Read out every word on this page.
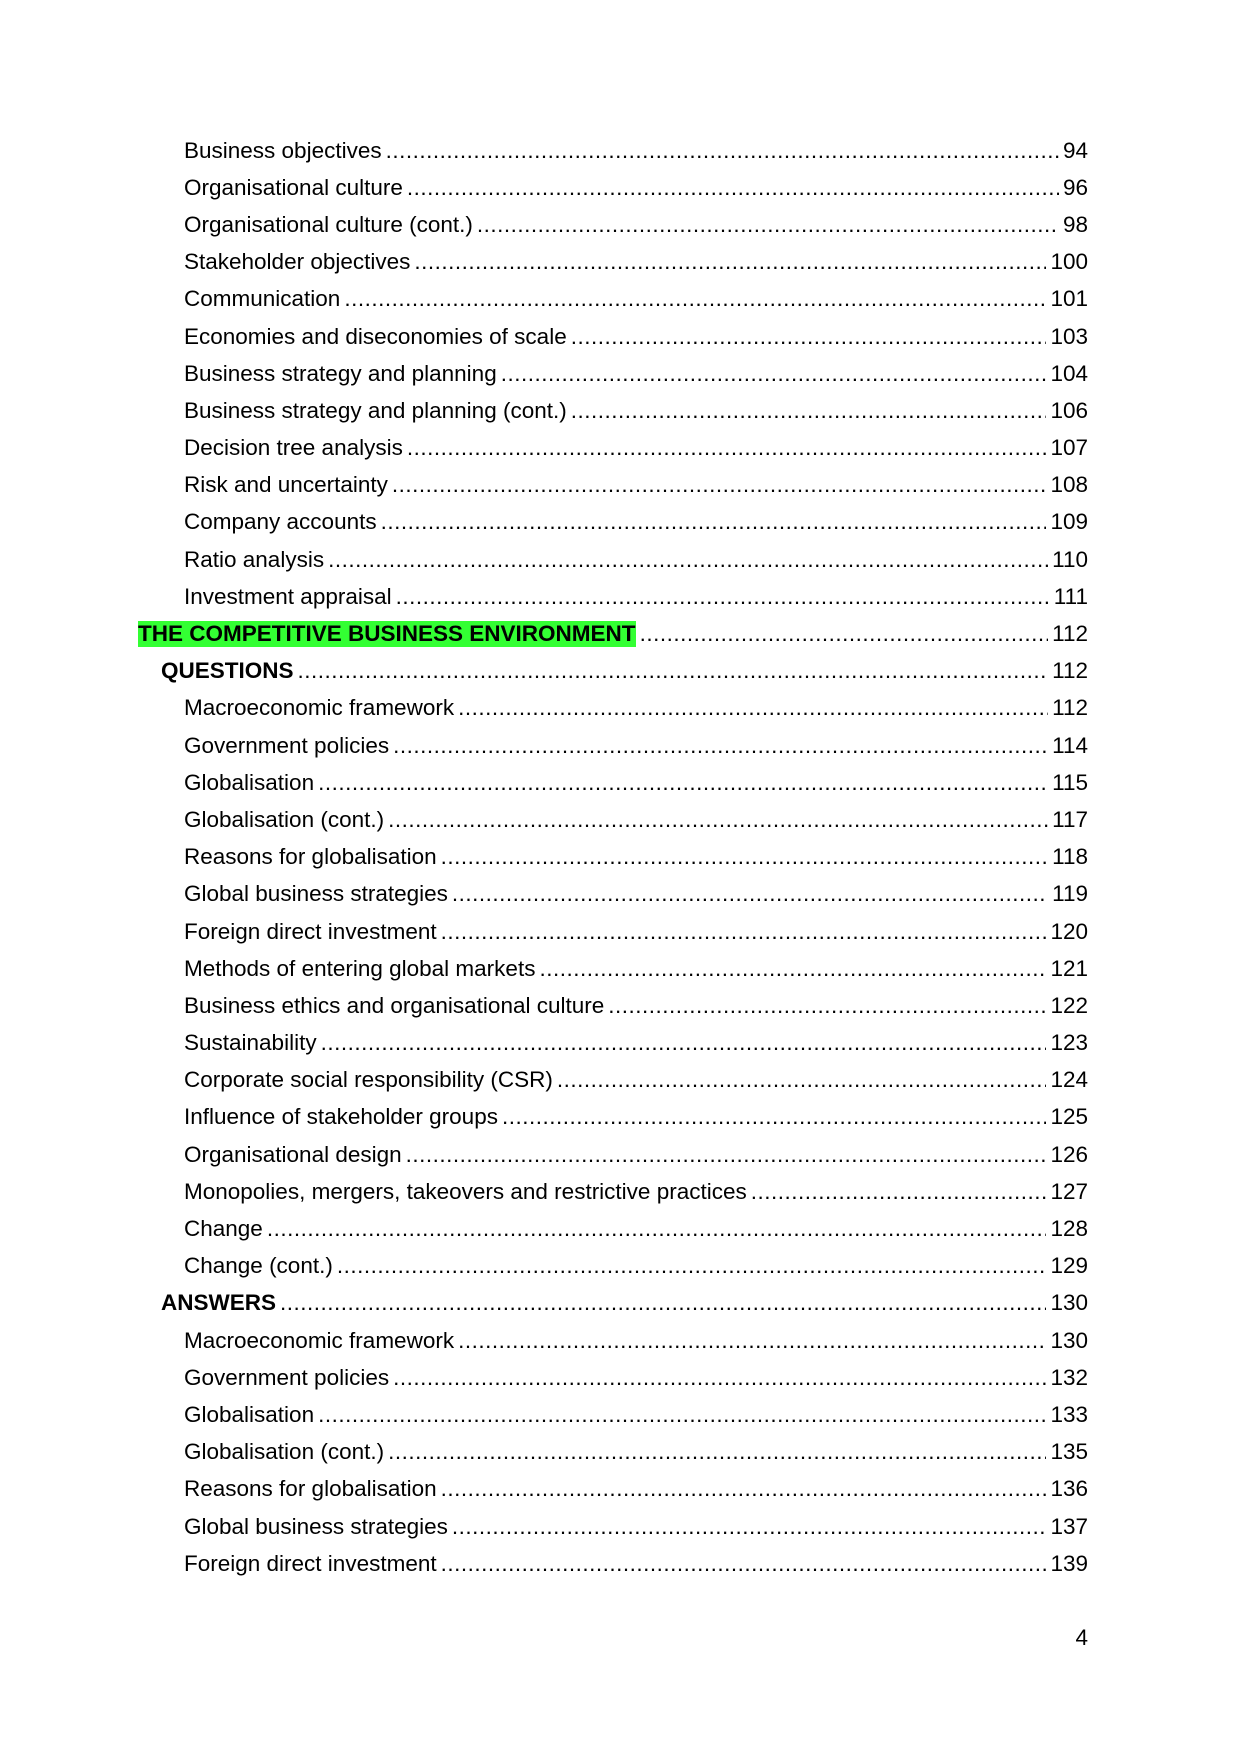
Business objectives .....	94
Organisational culture .....	96
Organisational culture (cont.) .....	98
Stakeholder objectives .....	100
Communication .....	101
Economies and diseconomies of scale .....	103
Business strategy and planning .....	104
Business strategy and planning (cont.) .....	106
Decision tree analysis .....	107
Risk and uncertainty .....	108
Company accounts .....	109
Ratio analysis .....	110
Investment appraisal .....	111
THE COMPETITIVE BUSINESS ENVIRONMENT .....	112
QUESTIONS .....	112
Macroeconomic framework .....	112
Government policies .....	114
Globalisation .....	115
Globalisation (cont.) .....	117
Reasons for globalisation .....	118
Global business strategies .....	119
Foreign direct investment .....	120
Methods of entering global markets .....	121
Business ethics and organisational culture .....	122
Sustainability .....	123
Corporate social responsibility (CSR) .....	124
Influence of stakeholder groups .....	125
Organisational design .....	126
Monopolies, mergers, takeovers and restrictive practices .....	127
Change .....	128
Change (cont.) .....	129
ANSWERS .....	130
Macroeconomic framework .....	130
Government policies .....	132
Globalisation .....	133
Globalisation (cont.) .....	135
Reasons for globalisation .....	136
Global business strategies .....	137
Foreign direct investment .....	139
4
